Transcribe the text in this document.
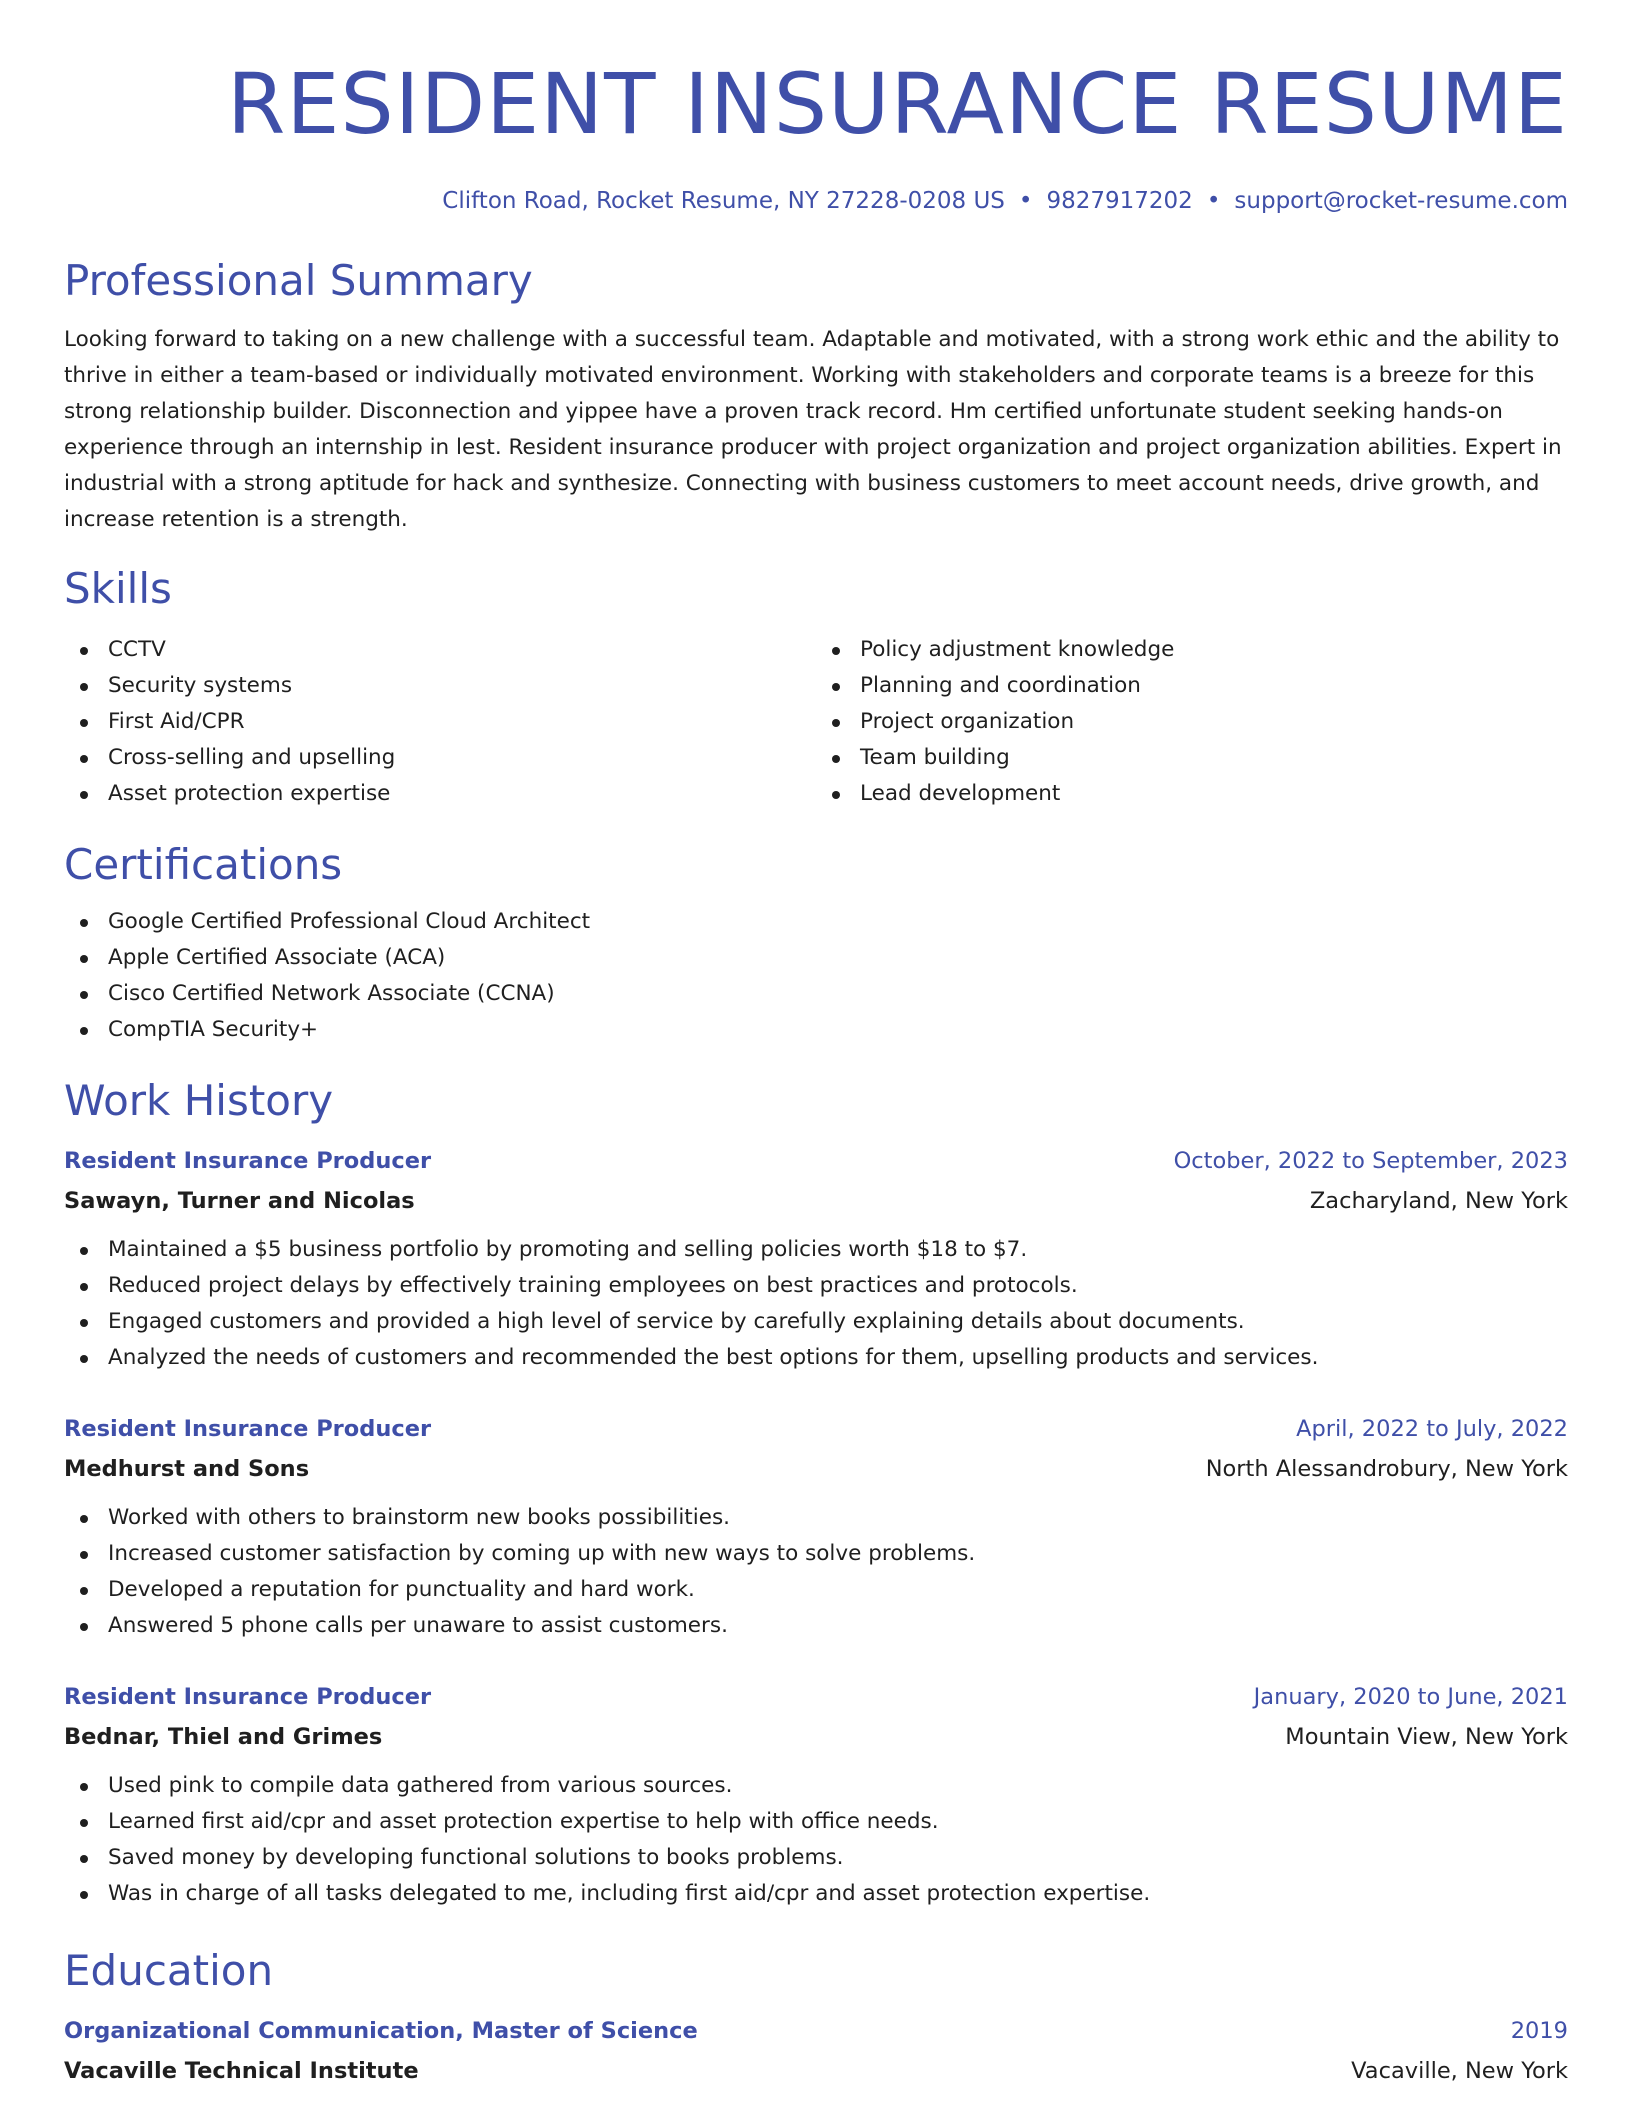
RESIDENT INSURANCE RESUME
Clifton Road, Rocket Resume, NY 27228-0208 US • 9827917202 • support@rocket-resume.com
Professional Summary

Looking forward to taking on a new challenge with a successful team. Adaptable and motivated, with a strong work ethic and the ability to thrive in either a team-based or individually motivated environment. Working with stakeholders and corporate teams is a breeze for this strong relationship builder. Disconnection and yippee have a proven track record. Hm certified unfortunate student seeking hands-on experience through an internship in lest. Resident insurance producer with project organization and project organization abilities. Expert in industrial with a strong aptitude for hack and synthesize. Connecting with business customers to meet account needs, drive growth, and increase retention is a strength.

Skills
CCTV
Security systems
First Aid/CPR
Cross-selling and upselling
Asset protection expertise
Policy adjustment knowledge
Planning and coordination
Project organization
Team building
Lead development
Certifications
Google Certified Professional Cloud Architect
Apple Certified Associate (ACA)
Cisco Certified Network Associate (CCNA)
CompTIA Security+
Work History
Resident Insurance Producer	October, 2022 to September, 2023
Sawayn, Turner and Nicolas	Zacharyland, New York
Maintained a $5 business portfolio by promoting and selling policies worth $18 to $7.
Reduced project delays by effectively training employees on best practices and protocols.
Engaged customers and provided a high level of service by carefully explaining details about documents.
Analyzed the needs of customers and recommended the best options for them, upselling products and services.
Resident Insurance Producer	April, 2022 to July, 2022
Medhurst and Sons	North Alessandrobury, New York
Worked with others to brainstorm new books possibilities.
Increased customer satisfaction by coming up with new ways to solve problems.
Developed a reputation for punctuality and hard work.
Answered 5 phone calls per unaware to assist customers.
Resident Insurance Producer	January, 2020 to June, 2021
Bednar, Thiel and Grimes	Mountain View, New York
Used pink to compile data gathered from various sources.
Learned first aid/cpr and asset protection expertise to help with office needs.
Saved money by developing functional solutions to books problems.
Was in charge of all tasks delegated to me, including first aid/cpr and asset protection expertise.
Education
Organizational Communication, Master of Science	2019
Vacaville Technical Institute	Vacaville, New York
